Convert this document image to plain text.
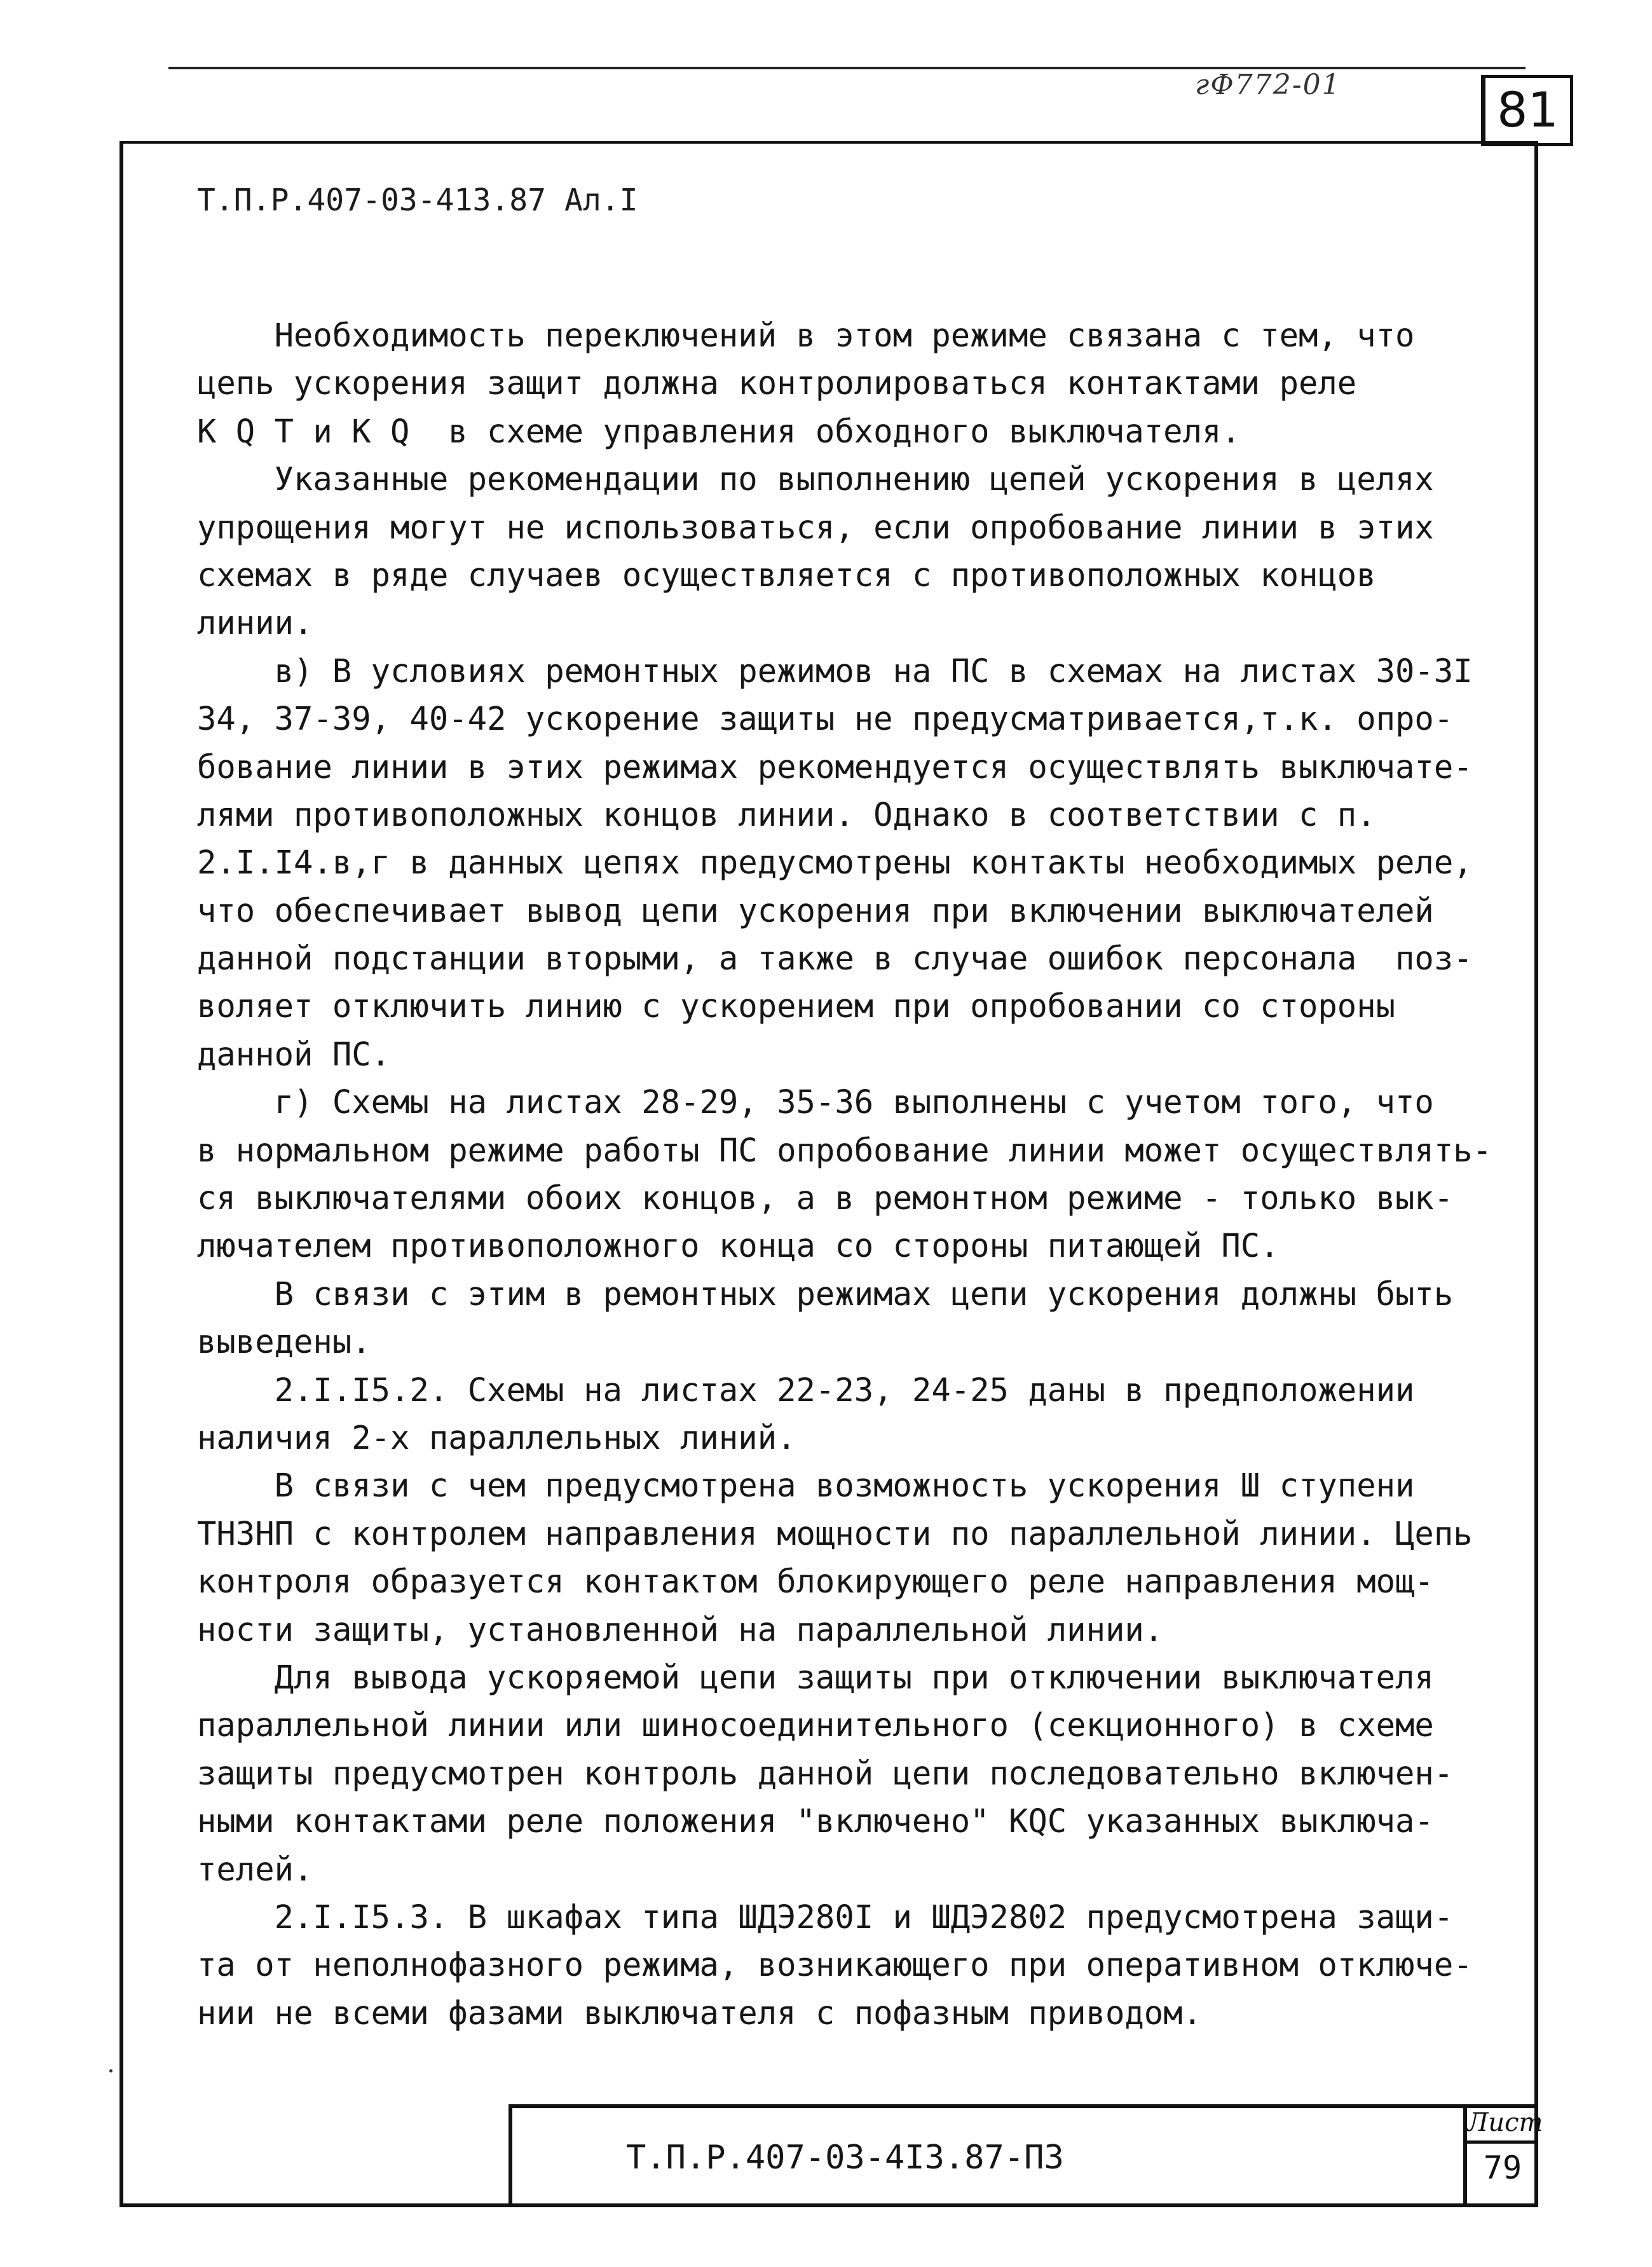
гФ772-01	81
Т.П.Р.407-03-413.87 Ал.I
Необходимость переключений в этом режиме связана с тем, что
цепь ускорения защит должна контролироваться контактами реле
К Q Т и К Q  в схеме управления обходного выключателя.
Указанные рекомендации по выполнению цепей ускорения в целях
упрощения могут не использоваться, если опробование линии в этих
схемах в ряде случаев осуществляется с противоположных концов
линии.
в) В условиях ремонтных режимов на ПС в схемах на листах 30-3I
34, 37-39, 40-42 ускорение защиты не предусматривается,т.к. опро-
бование линии в этих режимах рекомендуется осуществлять выключате-
лями противоположных концов линии. Однако в соответствии с п.
2.I.I4.в,г в данных цепях предусмотрены контакты необходимых реле,
что обеспечивает вывод цепи ускорения при включении выключателей
данной подстанции вторыми, а также в случае ошибок персонала  поз-
воляет отключить линию с ускорением при опробовании со стороны
данной ПС.
г) Схемы на листах 28-29, 35-36 выполнены с учетом того, что
в нормальном режиме работы ПС опробование линии может осуществлять-
ся выключателями обоих концов, а в ремонтном режиме - только вык-
лючателем противоположного конца со стороны питающей ПС.
В связи с этим в ремонтных режимах цепи ускорения должны быть
выведены.
2.I.I5.2. Схемы на листах 22-23, 24-25 даны в предположении
наличия 2-х параллельных линий.
В связи с чем предусмотрена возможность ускорения Ш ступени
ТНЗНП с контролем направления мощности по параллельной линии. Цепь
контроля образуется контактом блокирующего реле направления мощ-
ности защиты, установленной на параллельной линии.
Для вывода ускоряемой цепи защиты при отключении выключателя
параллельной линии или шиносоединительного (секционного) в схеме
защиты предусмотрен контроль данной цепи последовательно включен-
ными контактами реле положения "включено" КQС указанных выключа-
телей.
2.I.I5.3. В шкафах типа ШДЭ280I и ШДЭ2802 предусмотрена защи-
та от неполнофазного режима, возникающего при оперативном отключе-
нии не всеми фазами выключателя с пофазным приводом.
Т.П.Р.407-03-4I3.87-ПЗ
Лист
79
